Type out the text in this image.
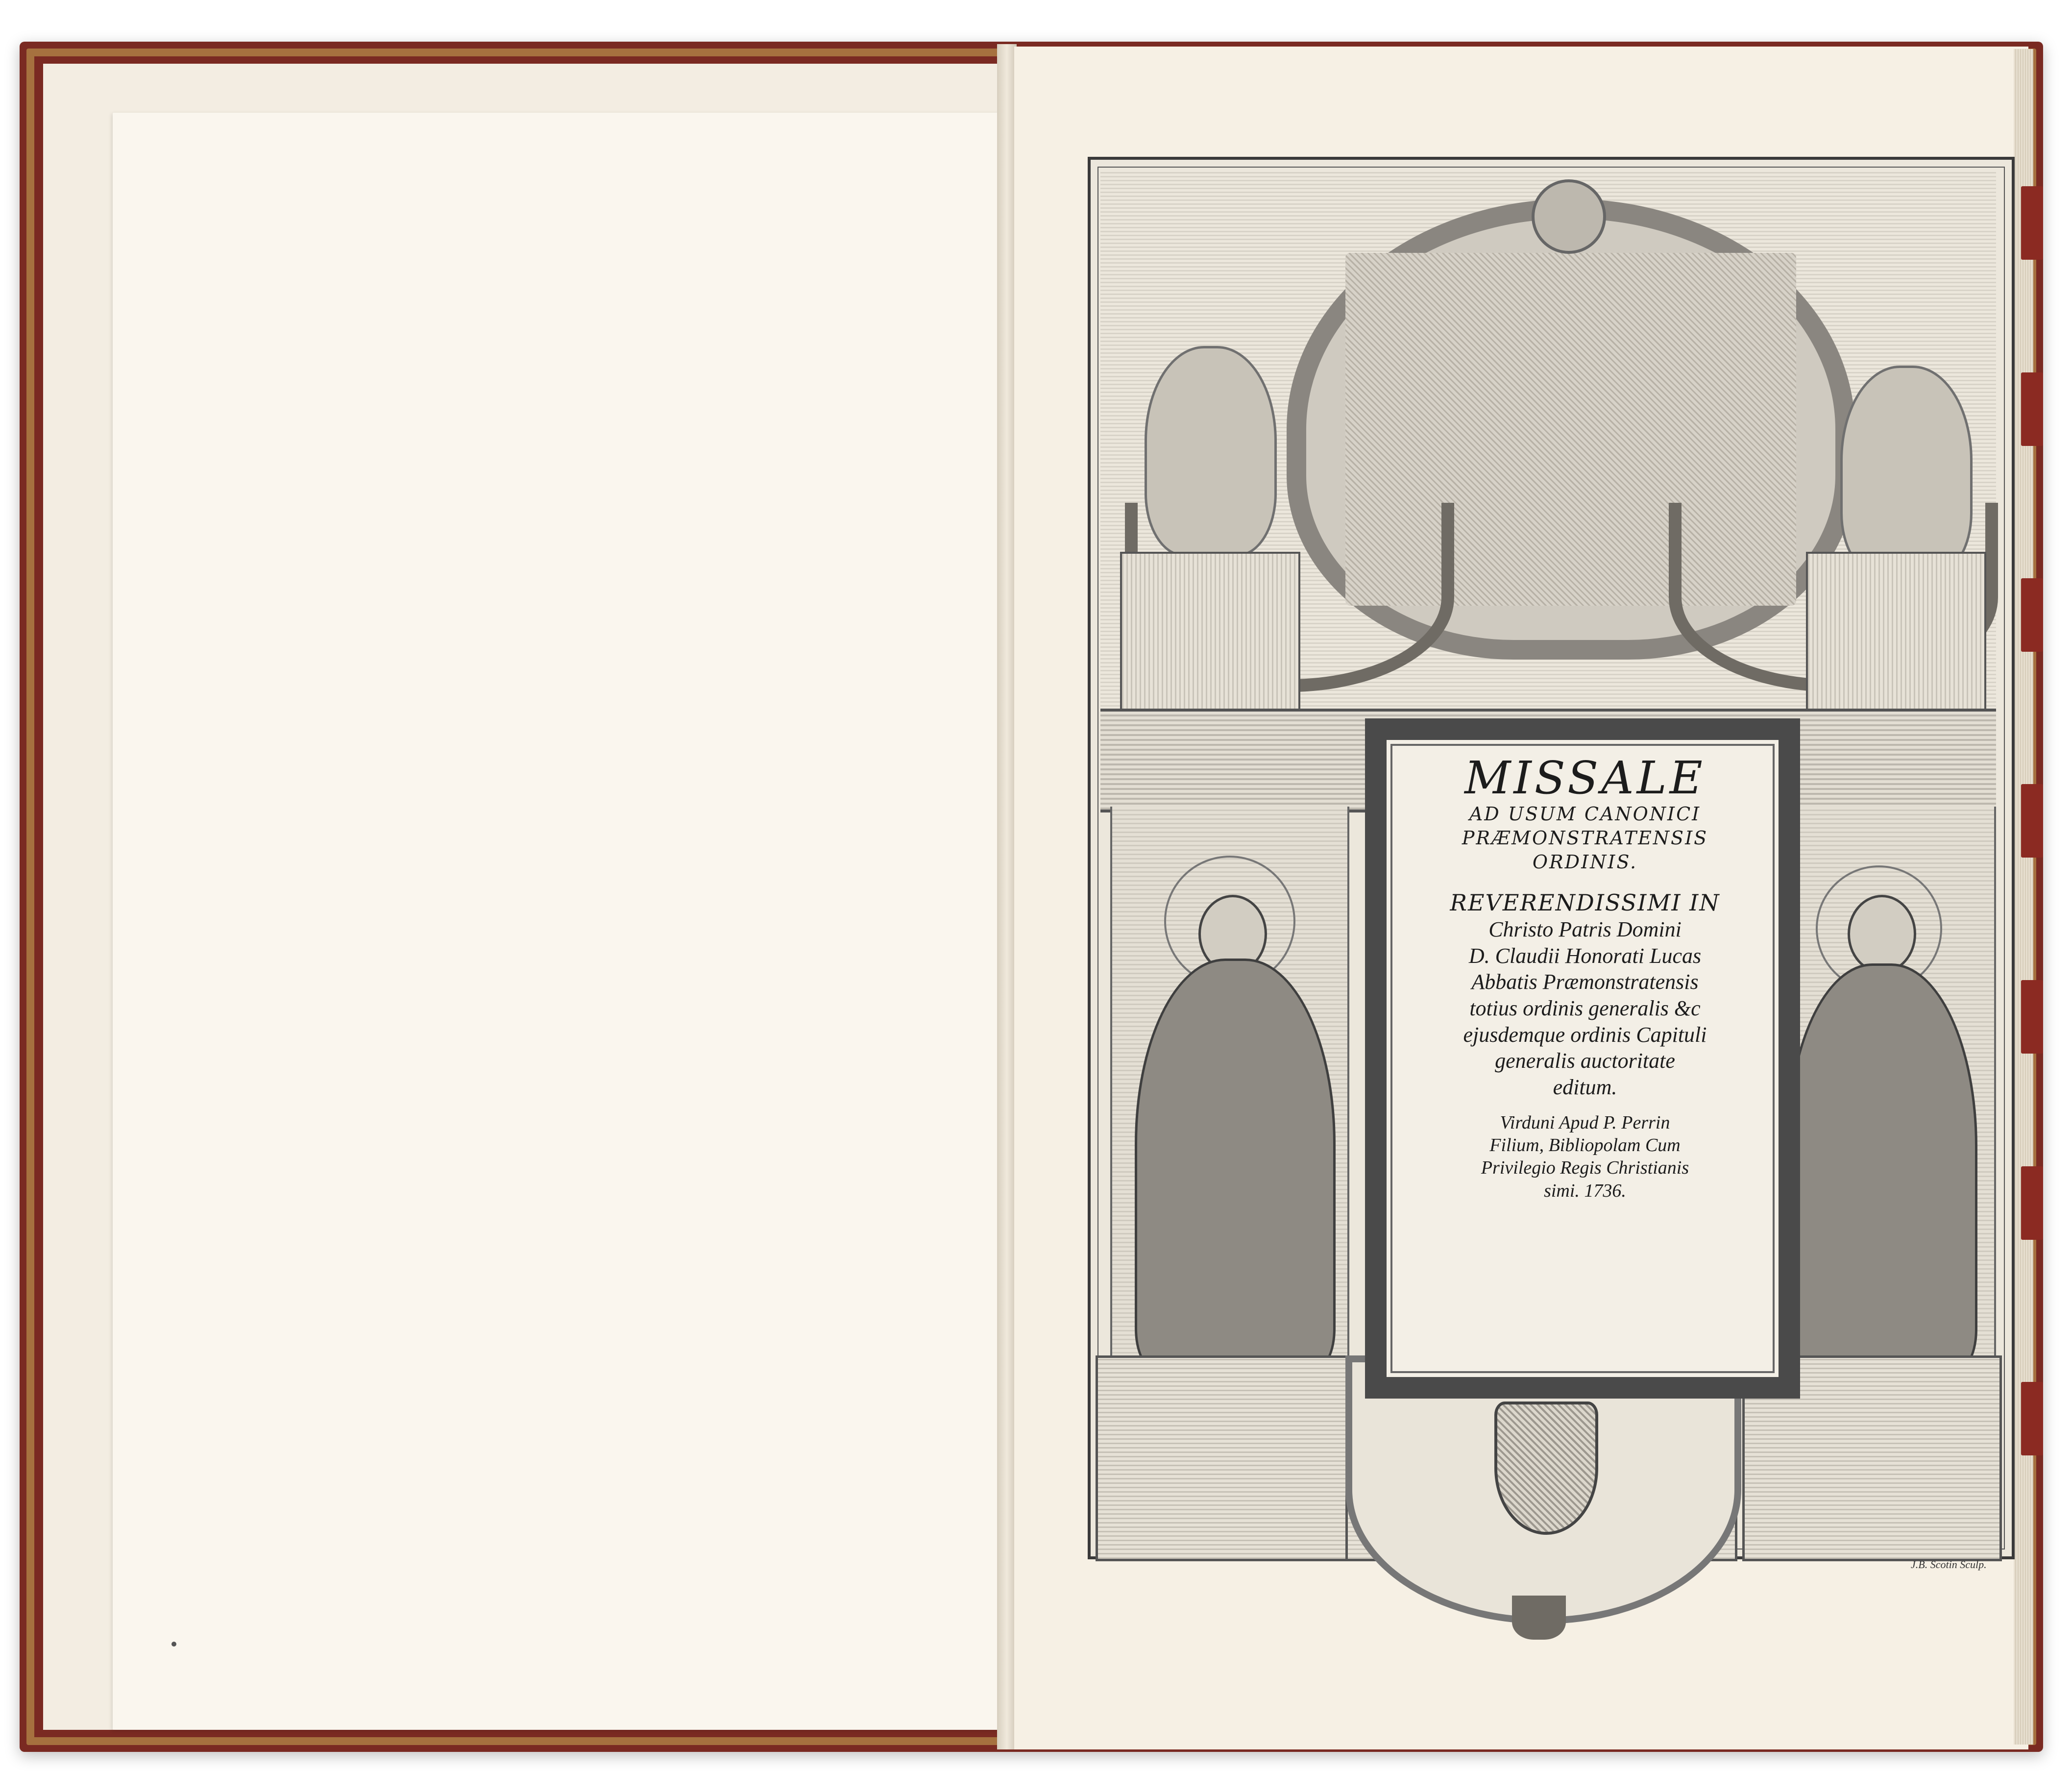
MISSALE
AD USUM CANONICI
PRÆMONSTRATENSIS
ORDINIS.
REVERENDISSIMI IN
Christo Patris Domini
D. Claudii Honorati Lucas
Abbatis Præmonstratensis
totius ordinis generalis &c
ejusdemque ordinis Capituli
generalis auctoritate
editum.
Virduni Apud P. Perrin
Filium, Bibliopolam Cum
Privilegio Regis Christianis
simi. 1736.
J.B. Scotin Sculp.
